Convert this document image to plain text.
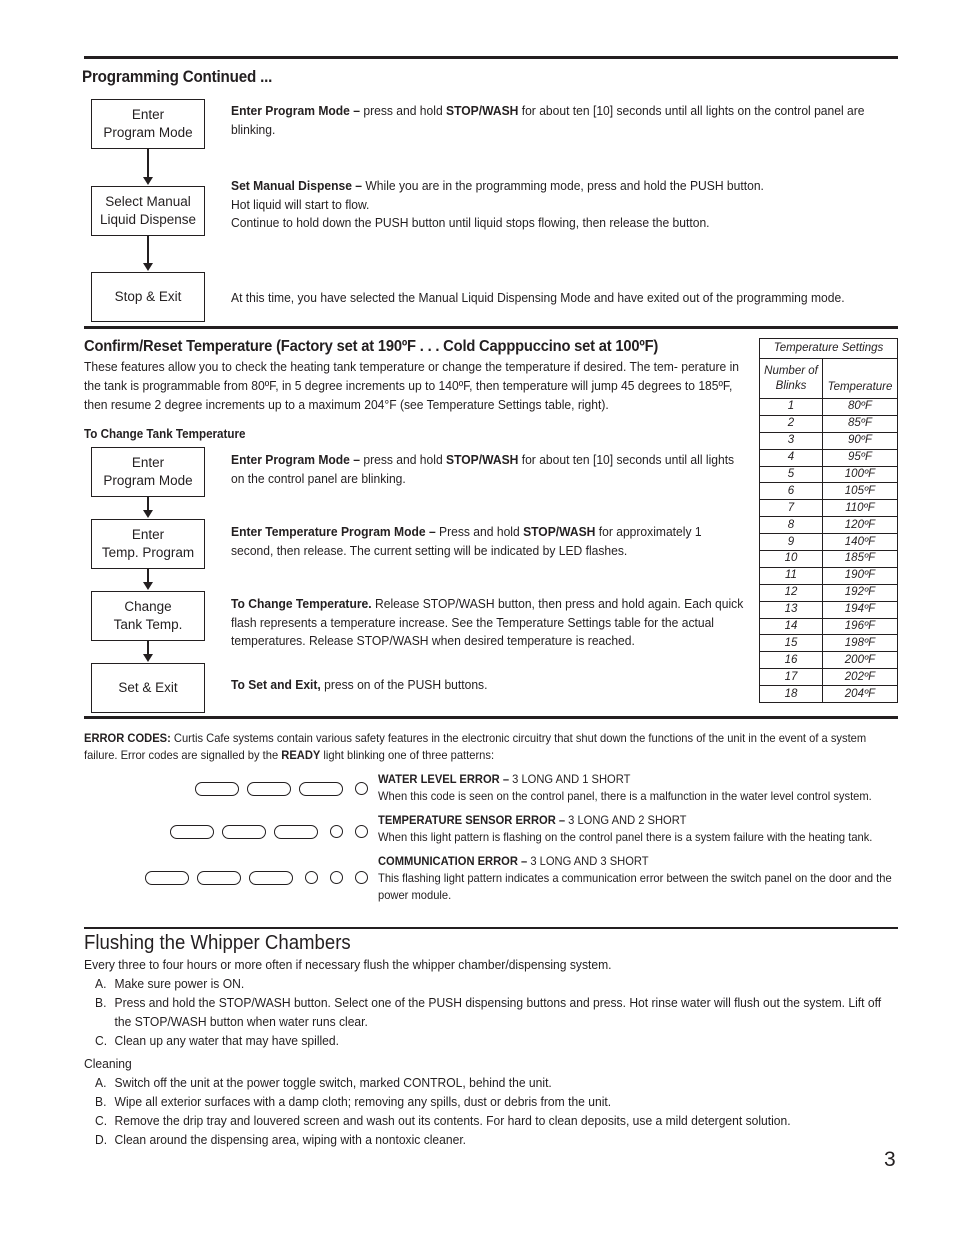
Programming Continued ...
Enter
Program Mode
Select Manual
Liquid Dispense
Stop & Exit
Enter Program Mode – press and hold STOP/WASH for about ten [10] seconds until all lights on the control panel are blinking.
Set Manual Dispense – While you are in the programming mode, press and hold the PUSH button.
Hot liquid will start to flow.
Continue to hold down the PUSH button until liquid stops flowing, then release the button.
At this time, you have selected the Manual Liquid Dispensing Mode and have exited out of the programming mode.
Confirm/Reset Temperature (Factory set at 190ºF . . . Cold Capppuccino set at 100ºF)
These features allow you to check the heating tank temperature or change the temperature if desired. The tem- perature in the tank is programmable from 80ºF, in 5 degree increments up to 140ºF, then temperature will jump 45 degrees to 185ºF, then resume 2 degree increments up to a maximum 204°F (see Temperature Settings table, right).
To Change Tank Temperature
Enter
Program Mode
Enter
Temp. Program
Change
Tank Temp.
Set & Exit
Enter Program Mode – press and hold STOP/WASH for about ten [10] seconds until all lights on the control panel are blinking.
Enter Temperature Program Mode – Press and hold STOP/WASH for approximately 1 second, then release. The current setting will be indicated by LED flashes.
To Change Temperature. Release STOP/WASH button, then press and hold again. Each quick flash represents a temperature increase. See the Temperature Settings table for the actual temperatures. Release STOP/WASH when desired temperature is reached.
To Set and Exit, press on of the PUSH buttons.
Temperature Settings	
Number of Blinks	Temperature
1	80ºF
2	85ºF
3	90ºF
4	95ºF
5	100ºF
6	105ºF
7	110ºF
8	120ºF
9	140ºF
10	185ºF
11	190ºF
12	192ºF
13	194ºF
14	196ºF
15	198ºF
16	200ºF
17	202ºF
18	204ºF
ERROR CODES: Curtis Cafe systems contain various safety features in the electronic circuitry that shut down the functions of the unit in the event of a system failure. Error codes are signalled by the READY light blinking one of three patterns:
WATER LEVEL ERROR – 3 LONG AND 1 SHORT
When this code is seen on the control panel, there is a malfunction in the water level control system.
TEMPERATURE SENSOR ERROR – 3 LONG AND 2 SHORT
When this light pattern is flashing on the control panel there is a system failure with the heating tank.
COMMUNICATION ERROR – 3 LONG AND 3 SHORT
This flashing light pattern indicates a communication error between the switch panel on the door and the power module.
Flushing the Whipper Chambers
Every three to four hours or more often if necessary flush the whipper chamber/dispensing system.
A. Make sure power is ON.
B. Press and hold the STOP/WASH button. Select one of the PUSH dispensing buttons and press. Hot rinse water will flush out the system. Lift off the STOP/WASH button when water runs clear.
C. Clean up any water that may have spilled.
Cleaning
A. Switch off the unit at the power toggle switch, marked CONTROL, behind the unit.
B. Wipe all exterior surfaces with a damp cloth; removing any spills, dust or debris from the unit.
C. Remove the drip tray and louvered screen and wash out its contents. For hard to clean deposits, use a mild detergent solution.
D. Clean around the dispensing area, wiping with a nontoxic cleaner.
3
